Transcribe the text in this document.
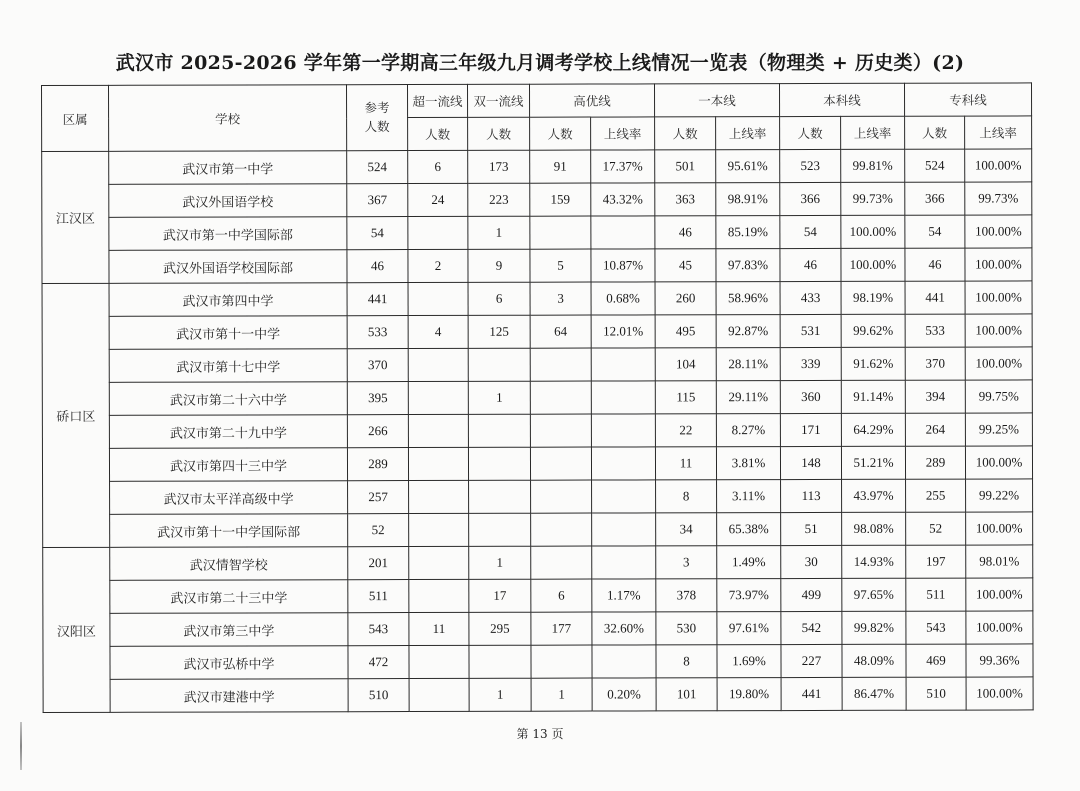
武汉市 2025-2026 学年第一学期高三年级九月调考学校上线情况一览表（物理类 + 历史类）(2)
区属	学校	参考人数	超一流线	双一流线	高优线		一本线		本科线		专科线	
			人数	人数	人数	上线率	人数	上线率	人数	上线率	人数	上线率
江汉区	武汉市第一中学	524	6	173	91	17.37%	501	95.61%	523	99.81%	524	100.00%
	武汉外国语学校	367	24	223	159	43.32%	363	98.91%	366	99.73%	366	99.73%
	武汉市第一中学国际部	54		1			46	85.19%	54	100.00%	54	100.00%
	武汉外国语学校国际部	46	2	9	5	10.87%	45	97.83%	46	100.00%	46	100.00%
硚口区	武汉市第四中学	441		6	3	0.68%	260	58.96%	433	98.19%	441	100.00%
	武汉市第十一中学	533	4	125	64	12.01%	495	92.87%	531	99.62%	533	100.00%
	武汉市第十七中学	370					104	28.11%	339	91.62%	370	100.00%
	武汉市第二十六中学	395		1			115	29.11%	360	91.14%	394	99.75%
	武汉市第二十九中学	266					22	8.27%	171	64.29%	264	99.25%
	武汉市第四十三中学	289					11	3.81%	148	51.21%	289	100.00%
	武汉市太平洋高级中学	257					8	3.11%	113	43.97%	255	99.22%
	武汉市第十一中学国际部	52					34	65.38%	51	98.08%	52	100.00%
汉阳区	武汉情智学校	201		1			3	1.49%	30	14.93%	197	98.01%
	武汉市第二十三中学	511		17	6	1.17%	378	73.97%	499	97.65%	511	100.00%
	武汉市第三中学	543	11	295	177	32.60%	530	97.61%	542	99.82%	543	100.00%
	武汉市弘桥中学	472					8	1.69%	227	48.09%	469	99.36%
	武汉市建港中学	510		1	1	0.20%	101	19.80%	441	86.47%	510	100.00%
第 13 页
